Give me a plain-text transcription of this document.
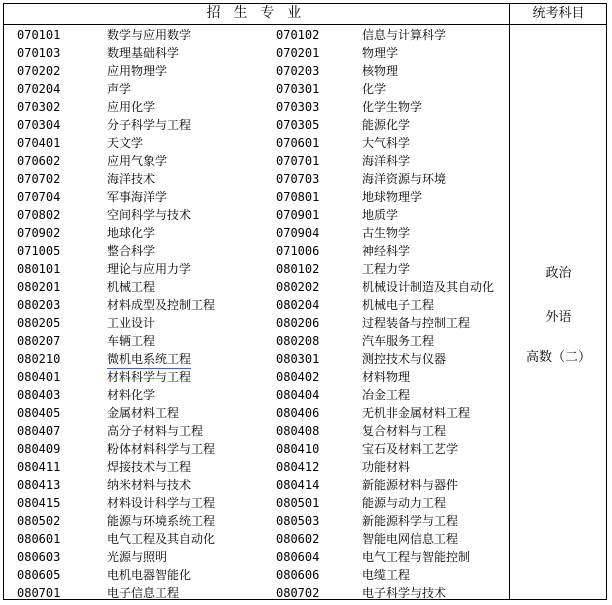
招 生 专 业	统考科目
070101	数学与应用数学	070102	信息与计算科学
070103	数理基础科学	070201	物理学
070202	应用物理学	070203	核物理
070204	声学	070301	化学
070302	应用化学	070303	化学生物学
070304	分子科学与工程	070305	能源化学
070401	天文学	070601	大气科学
070602	应用气象学	070701	海洋科学
070702	海洋技术	070703	海洋资源与环境
070704	军事海洋学	070801	地球物理学
070802	空间科学与技术	070901	地质学
070902	地球化学	070904	古生物学
071005	整合科学	071006	神经科学
080101	理论与应用力学	080102	工程力学
080201	机械工程	080202	机械设计制造及其自动化
080203	材料成型及控制工程	080204	机械电子工程
080205	工业设计	080206	过程装备与控制工程
080207	车辆工程	080208	汽车服务工程
080210	微机电系统工程	080301	测控技术与仪器
080401	材料科学与工程	080402	材料物理
080403	材料化学	080404	冶金工程
080405	金属材料工程	080406	无机非金属材料工程
080407	高分子材料与工程	080408	复合材料与工程
080409	粉体材料科学与工程	080410	宝石及材料工艺学
080411	焊接技术与工程	080412	功能材料
080413	纳米材料与技术	080414	新能源材料与器件
080415	材料设计科学与工程	080501	能源与动力工程
080502	能源与环境系统工程	080503	新能源科学与工程
080601	电气工程及其自动化	080602	智能电网信息工程
080603	光源与照明	080604	电气工程与智能控制
080605	电机电器智能化	080606	电缆工程
080701	电子信息工程	080702	电子科学与技术
政治
外语
高数（二）
